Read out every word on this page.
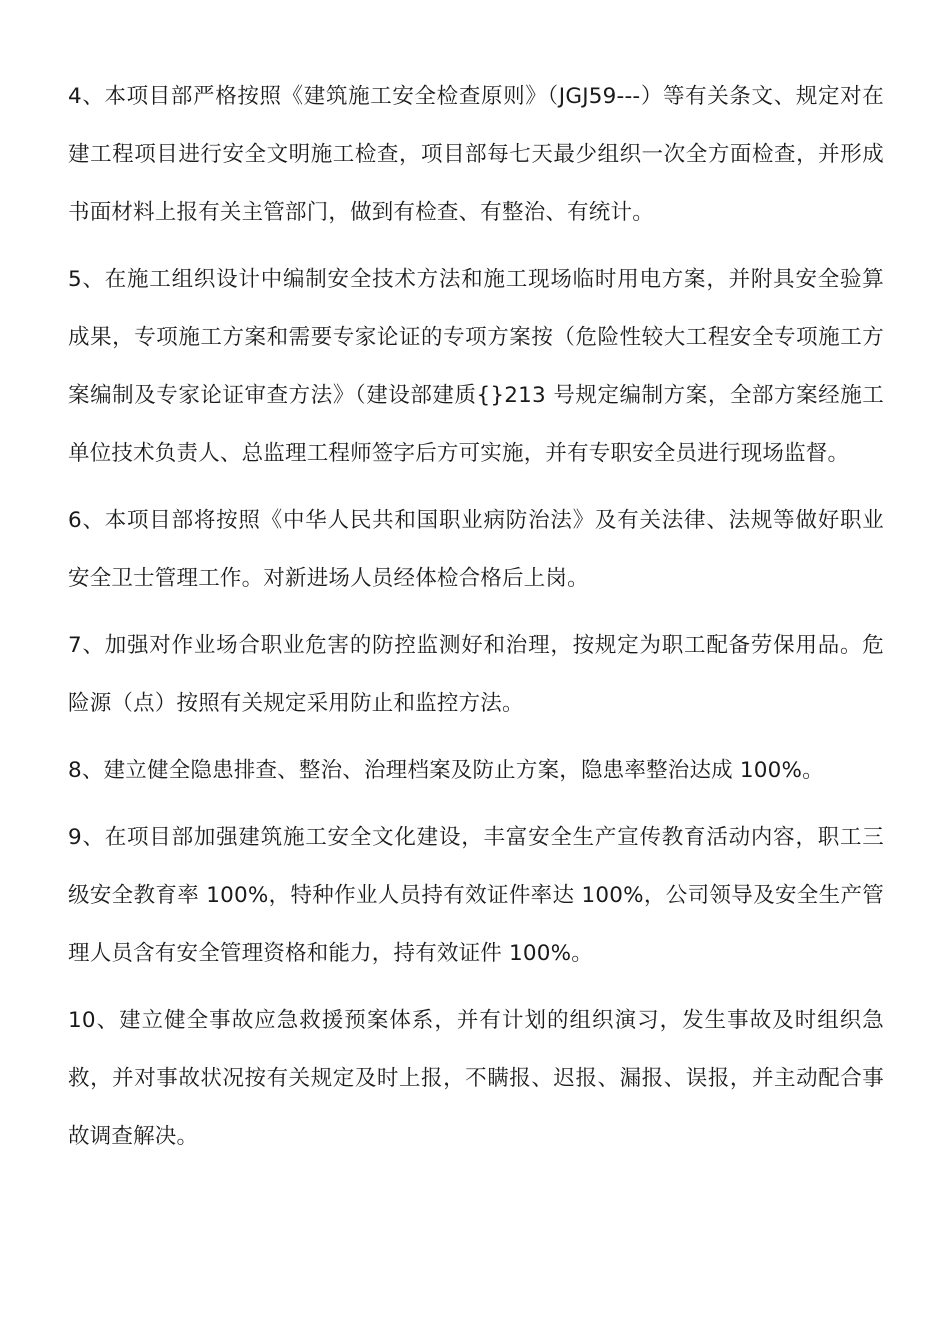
4、本项目部严格按照《建筑施工安全检查原则》（JGJ59---）等有关条文、规定对在建工程项目进行安全文明施工检查，项目部每七天最少组织一次全方面检查，并形成书面材料上报有关主管部门，做到有检查、有整治、有统计。

5、在施工组织设计中编制安全技术方法和施工现场临时用电方案，并附具安全验算成果，专项施工方案和需要专家论证的专项方案按（危险性较大工程安全专项施工方案编制及专家论证审查方法》（建设部建质{}213 号规定编制方案，全部方案经施工单位技术负责人、总监理工程师签字后方可实施，并有专职安全员进行现场监督。

6、本项目部将按照《中华人民共和国职业病防治法》及有关法律、法规等做好职业安全卫士管理工作。对新进场人员经体检合格后上岗。

7、加强对作业场合职业危害的防控监测好和治理，按规定为职工配备劳保用品。危险源（点）按照有关规定采用防止和监控方法。

8、建立健全隐患排查、整治、治理档案及防止方案，隐患率整治达成 100%。

9、在项目部加强建筑施工安全文化建设，丰富安全生产宣传教育活动内容，职工三级安全教育率 100%，特种作业人员持有效证件率达 100%，公司领导及安全生产管理人员含有安全管理资格和能力，持有效证件 100%。

10、建立健全事故应急救援预案体系，并有计划的组织演习，发生事故及时组织急救，并对事故状况按有关规定及时上报，不瞒报、迟报、漏报、误报，并主动配合事故调查解决。
